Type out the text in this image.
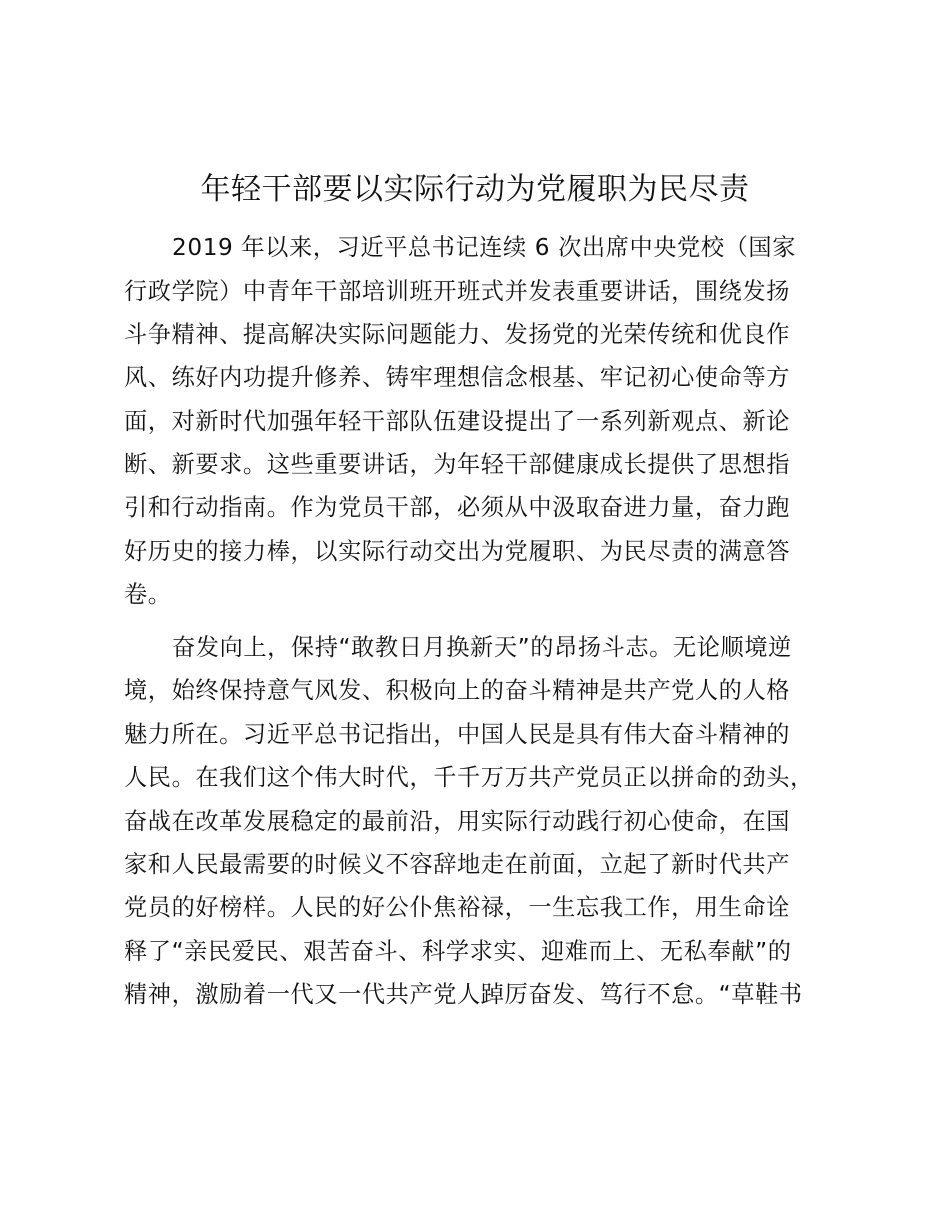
年轻干部要以实际行动为党履职为民尽责
2019 年以来，习近平总书记连续 6 次出席中央党校（国家
行政学院）中青年干部培训班开班式并发表重要讲话，围绕发扬
斗争精神、提高解决实际问题能力、发扬党的光荣传统和优良作
风、练好内功提升修养、铸牢理想信念根基、牢记初心使命等方
面，对新时代加强年轻干部队伍建设提出了一系列新观点、新论
断、新要求。这些重要讲话，为年轻干部健康成长提供了思想指
引和行动指南。作为党员干部，必须从中汲取奋进力量，奋力跑
好历史的接力棒，以实际行动交出为党履职、为民尽责的满意答
卷。
奋发向上，保持“敢教日月换新天”的昂扬斗志。无论顺境逆
境，始终保持意气风发、积极向上的奋斗精神是共产党人的人格
魅力所在。习近平总书记指出，中国人民是具有伟大奋斗精神的
人民。在我们这个伟大时代，千千万万共产党员正以拼命的劲头，
奋战在改革发展稳定的最前沿，用实际行动践行初心使命，在国
家和人民最需要的时候义不容辞地走在前面，立起了新时代共产
党员的好榜样。人民的好公仆焦裕禄，一生忘我工作，用生命诠
释了“亲民爱民、艰苦奋斗、科学求实、迎难而上、无私奉献”的
精神，激励着一代又一代共产党人踔厉奋发、笃行不怠。“草鞋书
